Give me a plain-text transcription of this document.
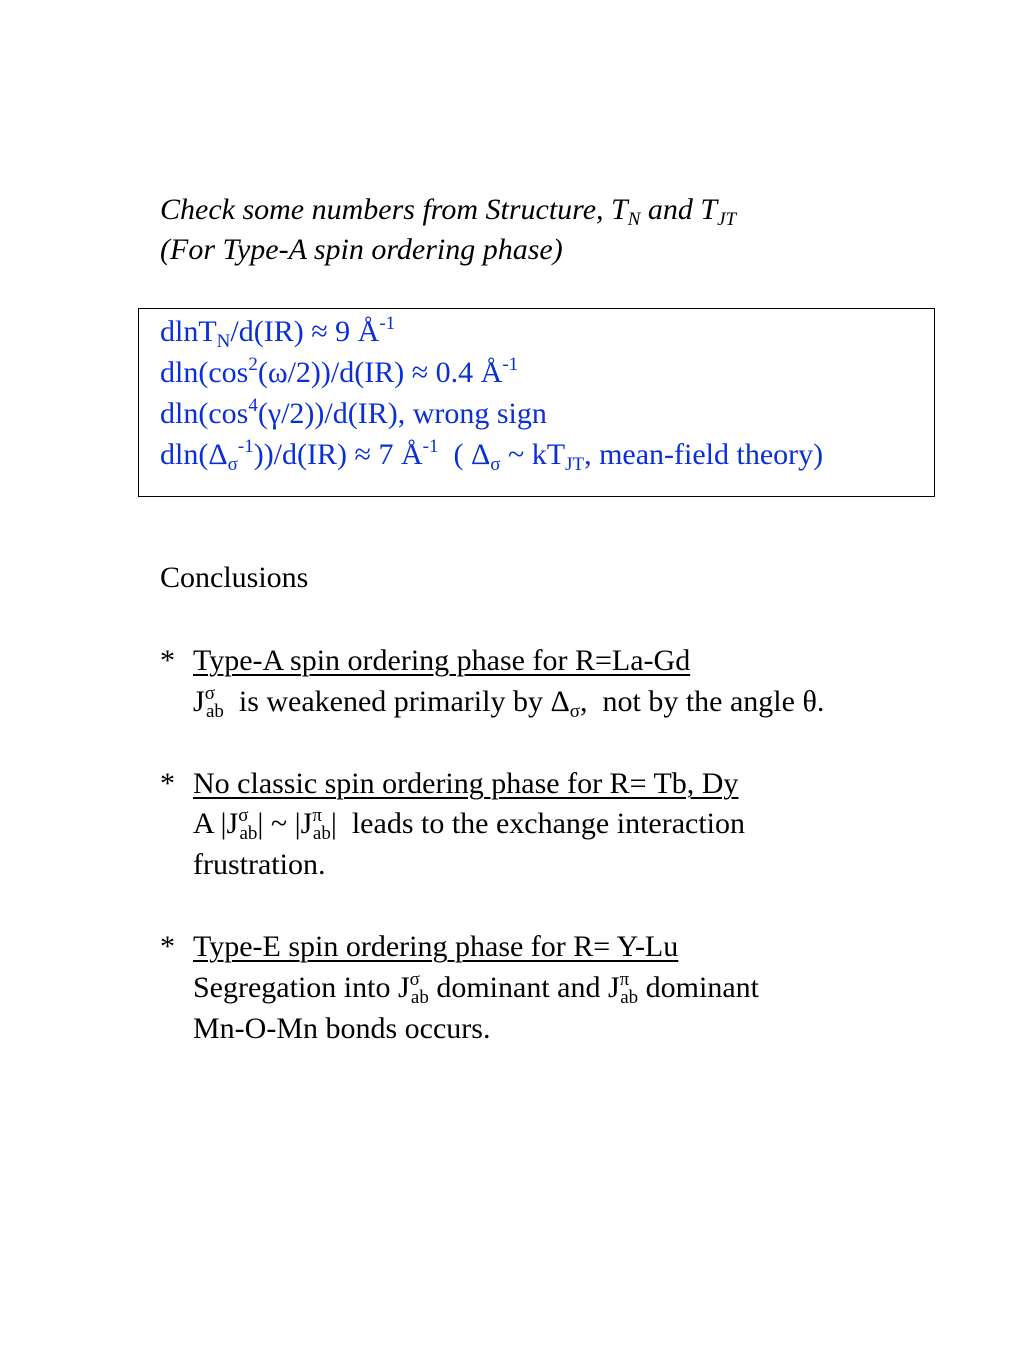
Check some numbers from Structure, $T_N$ and $T_{JT}$
(For Type-A spin ordering phase)
dlnT$_N$/d(IR) ≈ 9 $Å^{-1}$
$dln(\cos^2(\omega/2))/d(IR) \approx 0.4$ $Å^{-1}$
$dln(\cos^4(\gamma/2))/d(IR)$, wrong sign
$dln(\Delta_\sigma^{-1}))/d(IR) \approx 7$ $Å^{-1}$  ( $\Delta_\sigma$ ~ $kT_{JT}$, mean-field theory)
Conclusions
* Type-A spin ordering phase for R=La-Gd
$J^\sigma_{ab}$  is weakened primarily by $\Delta_\sigma$,  not by the angle θ.
* No classic spin ordering phase for R= Tb, Dy
A $|J^\sigma_{ab}|$ ~ $|J^\pi_{ab}|$  leads to the exchange interaction
frustration.
* Type-E spin ordering phase for R= Y-Lu
Segregation into $J^\sigma_{ab}$ dominant and $J^\pi_{ab}$ dominant
Mn-O-Mn bonds occurs.
